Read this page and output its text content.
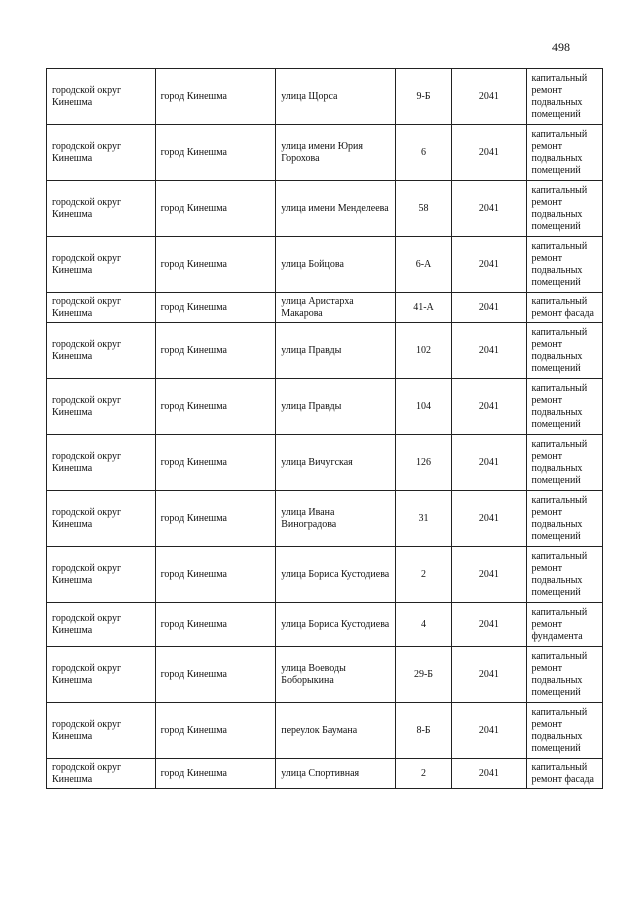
498
городской округ Кинешма	город Кинешма	улица Щорса	9-Б	2041	капитальный ремонт подвальных помещений
городской округ Кинешма	город Кинешма	улица имени Юрия Горохова	6	2041	капитальный ремонт подвальных помещений
городской округ Кинешма	город Кинешма	улица имени Менделеева	58	2041	капитальный ремонт подвальных помещений
городской округ Кинешма	город Кинешма	улица Бойцова	6-А	2041	капитальный ремонт подвальных помещений
городской округ Кинешма	город Кинешма	улица Аристарха Макарова	41-А	2041	капитальный ремонт фасада
городской округ Кинешма	город Кинешма	улица Правды	102	2041	капитальный ремонт подвальных помещений
городской округ Кинешма	город Кинешма	улица Правды	104	2041	капитальный ремонт подвальных помещений
городской округ Кинешма	город Кинешма	улица Вичугская	126	2041	капитальный ремонт подвальных помещений
городской округ Кинешма	город Кинешма	улица Ивана Виноградова	31	2041	капитальный ремонт подвальных помещений
городской округ Кинешма	город Кинешма	улица Бориса Кустодиева	2	2041	капитальный ремонт подвальных помещений
городской округ Кинешма	город Кинешма	улица Бориса Кустодиева	4	2041	капитальный ремонт фундамента
городской округ Кинешма	город Кинешма	улица Воеводы Боборыкина	29-Б	2041	капитальный ремонт подвальных помещений
городской округ Кинешма	город Кинешма	переулок Баумана	8-Б	2041	капитальный ремонт подвальных помещений
городской округ Кинешма	город Кинешма	улица Спортивная	2	2041	капитальный ремонт фасада
